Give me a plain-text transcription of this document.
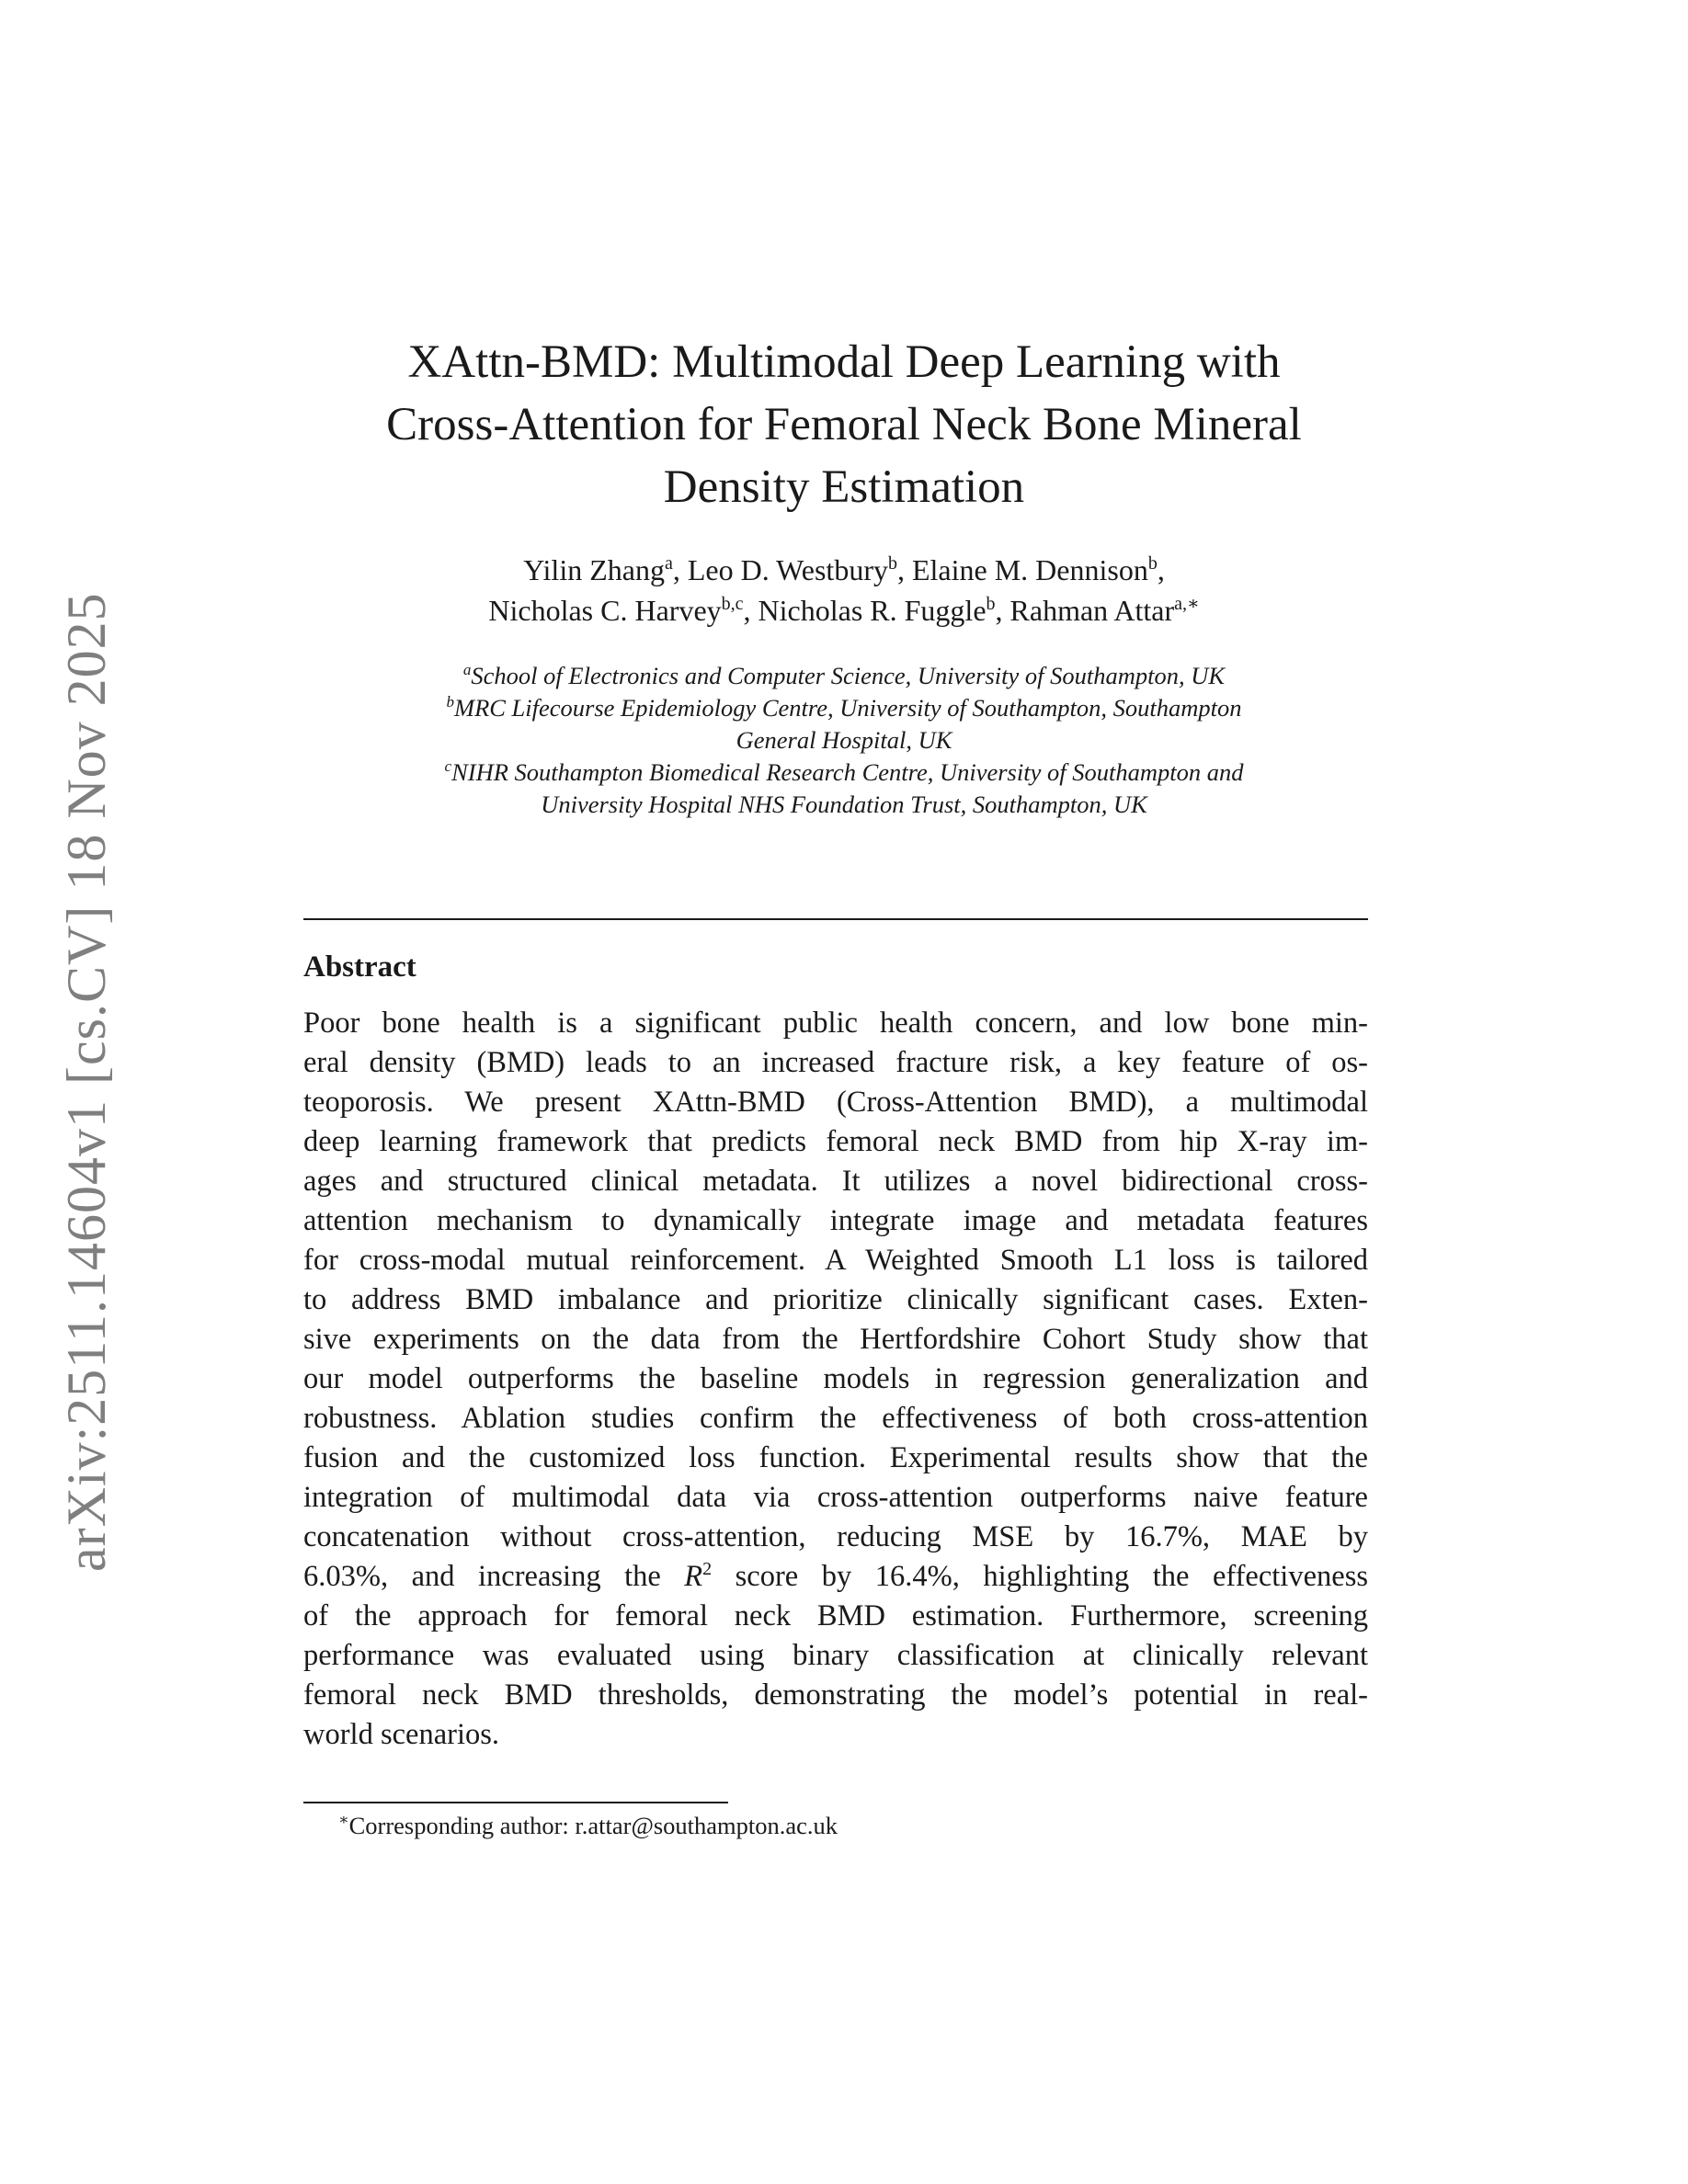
arXiv:2511.14604v1 [cs.CV] 18 Nov 2025
XAttn-BMD: Multimodal Deep Learning with
Cross-Attention for Femoral Neck Bone Mineral
Density Estimation
Yilin Zhang$^a$, Leo D. Westbury$^b$, Elaine M. Dennison$^b$,
Nicholas C. Harvey$^{b,c}$, Nicholas R. Fuggle$^b$, Rahman Attar$^{a,∗}$
$^a$School of Electronics and Computer Science, University of Southampton, UK
$^b$MRC Lifecourse Epidemiology Centre, University of Southampton, Southampton
General Hospital, UK
$^c$NIHR Southampton Biomedical Research Centre, University of Southampton and
University Hospital NHS Foundation Trust, Southampton, UK
Abstract
Poor bone health is a significant public health concern, and low bone min-
eral density (BMD) leads to an increased fracture risk, a key feature of os-
teoporosis. We present XAttn-BMD (Cross-Attention BMD), a multimodal
deep learning framework that predicts femoral neck BMD from hip X-ray im-
ages and structured clinical metadata. It utilizes a novel bidirectional cross-
attention mechanism to dynamically integrate image and metadata features
for cross-modal mutual reinforcement. A Weighted Smooth L1 loss is tailored
to address BMD imbalance and prioritize clinically significant cases. Exten-
sive experiments on the data from the Hertfordshire Cohort Study show that
our model outperforms the baseline models in regression generalization and
robustness. Ablation studies confirm the effectiveness of both cross-attention
fusion and the customized loss function. Experimental results show that the
integration of multimodal data via cross-attention outperforms naive feature
concatenation without cross-attention, reducing MSE by 16.7%, MAE by
6.03%, and increasing the $R^2$ score by 16.4%, highlighting the effectiveness
of the approach for femoral neck BMD estimation. Furthermore, screening
performance was evaluated using binary classification at clinically relevant
femoral neck BMD thresholds, demonstrating the model’s potential in real-
world scenarios.
∗Corresponding author: r.attar@southampton.ac.uk
